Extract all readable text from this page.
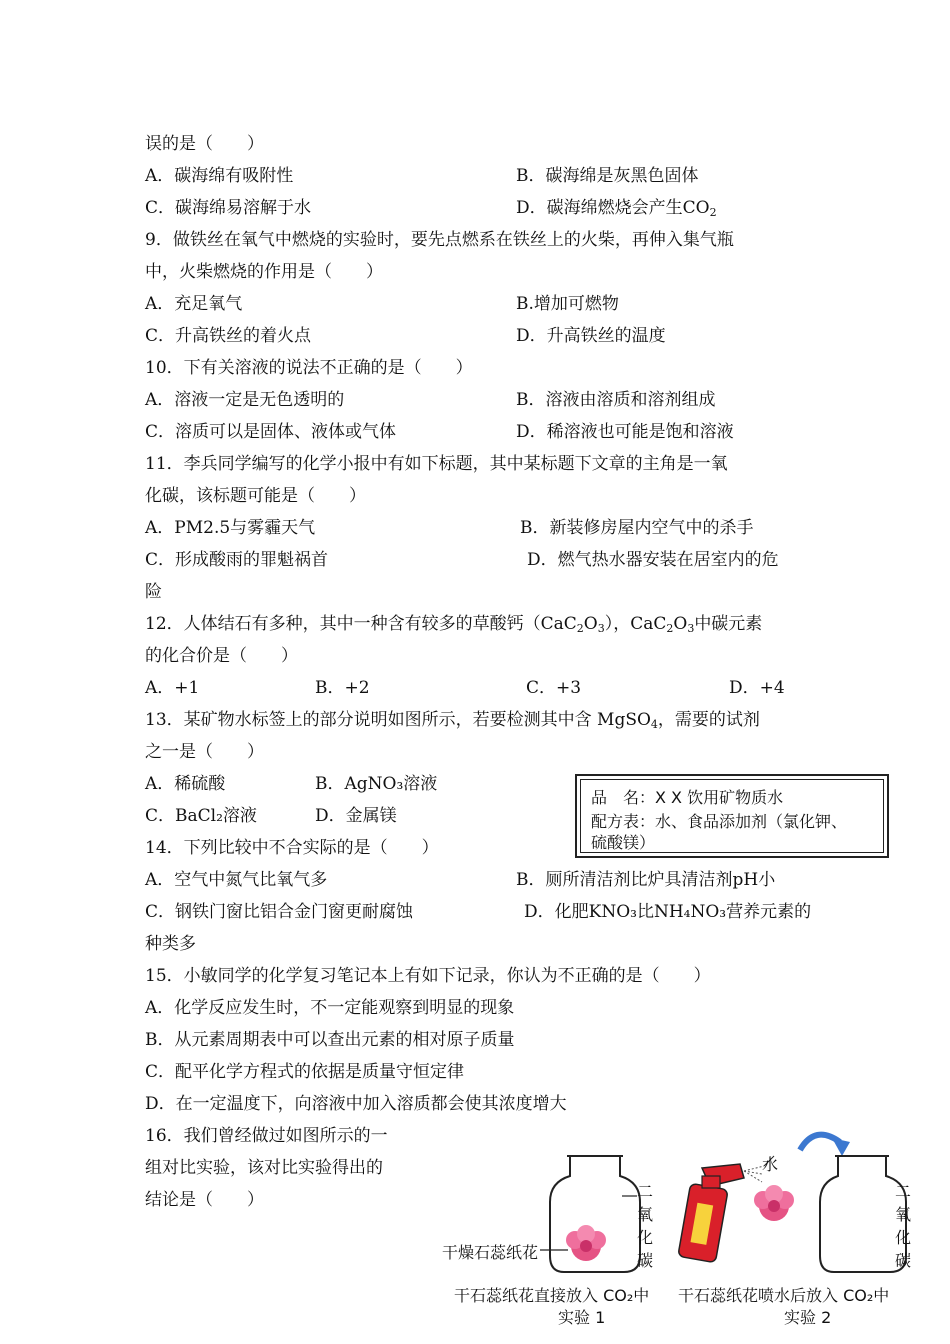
误的是（　　）
A．碳海绵有吸附性	B．碳海绵是灰黑色固体
C．碳海绵易溶解于水	D．碳海绵燃烧会产生$CO_2$
9．做铁丝在氧气中燃烧的实验时，要先点燃系在铁丝上的火柴，再伸入集气瓶
中，火柴燃烧的作用是（　　）
A．充足氧气	B.增加可燃物
C．升高铁丝的着火点	D．升高铁丝的温度
10．下有关溶液的说法不正确的是（　　）
A．溶液一定是无色透明的	B．溶液由溶质和溶剂组成
C．溶质可以是固体、液体或气体	D．稀溶液也可能是饱和溶液
11．李兵同学编写的化学小报中有如下标题，其中某标题下文章的主角是一氧
化碳，该标题可能是（　　）
A．PM2.5与雾霾天气	B．新装修房屋内空气中的杀手
C．形成酸雨的罪魁祸首	D．燃气热水器安装在居室内的危
险
12．人体结石有多种，其中一种含有较多的草酸钙$(CaC_2O_3)$，$CaC_2O_3$中碳元素
的化合价是（　　）
A．+1	B．+2	C．+3	D．+4
13．某矿物水标签上的部分说明如图所示，若要检测其中含 MgSO$_4$，需要的试剂
之一是（　　）
A．稀硫酸	B．AgNO₃溶液
C．BaCl₂溶液	D．金属镁
品　名：X X 饮用矿物质水
配方表：水、食品添加剂（氯化钾、
硫酸镁）
14．下列比较中不合实际的是（　　）
A．空气中氮气比氧气多	B．厕所清洁剂比炉具清洁剂pH小
C．钢铁门窗比铝合金门窗更耐腐蚀	D．化肥KNO₃比NH₄NO₃营养元素的
种类多
15．小敏同学的化学复习笔记本上有如下记录，你认为不正确的是（　　）
A．化学反应发生时，不一定能观察到明显的现象
B．从元素周期表中可以查出元素的相对原子质量
C．配平化学方程式的依据是质量守恒定律
D．在一定温度下，向溶液中加入溶质都会使其浓度增大
16．我们曾经做过如图所示的一
组对比实验，该对比实验得出的
结论是（　　）
水
二氧化碳
二氧化碳
干燥石蕊纸花
干石蕊纸花直接放入 CO₂中 干石蕊纸花喷水后放入 CO₂中
实验 1	实验 2
